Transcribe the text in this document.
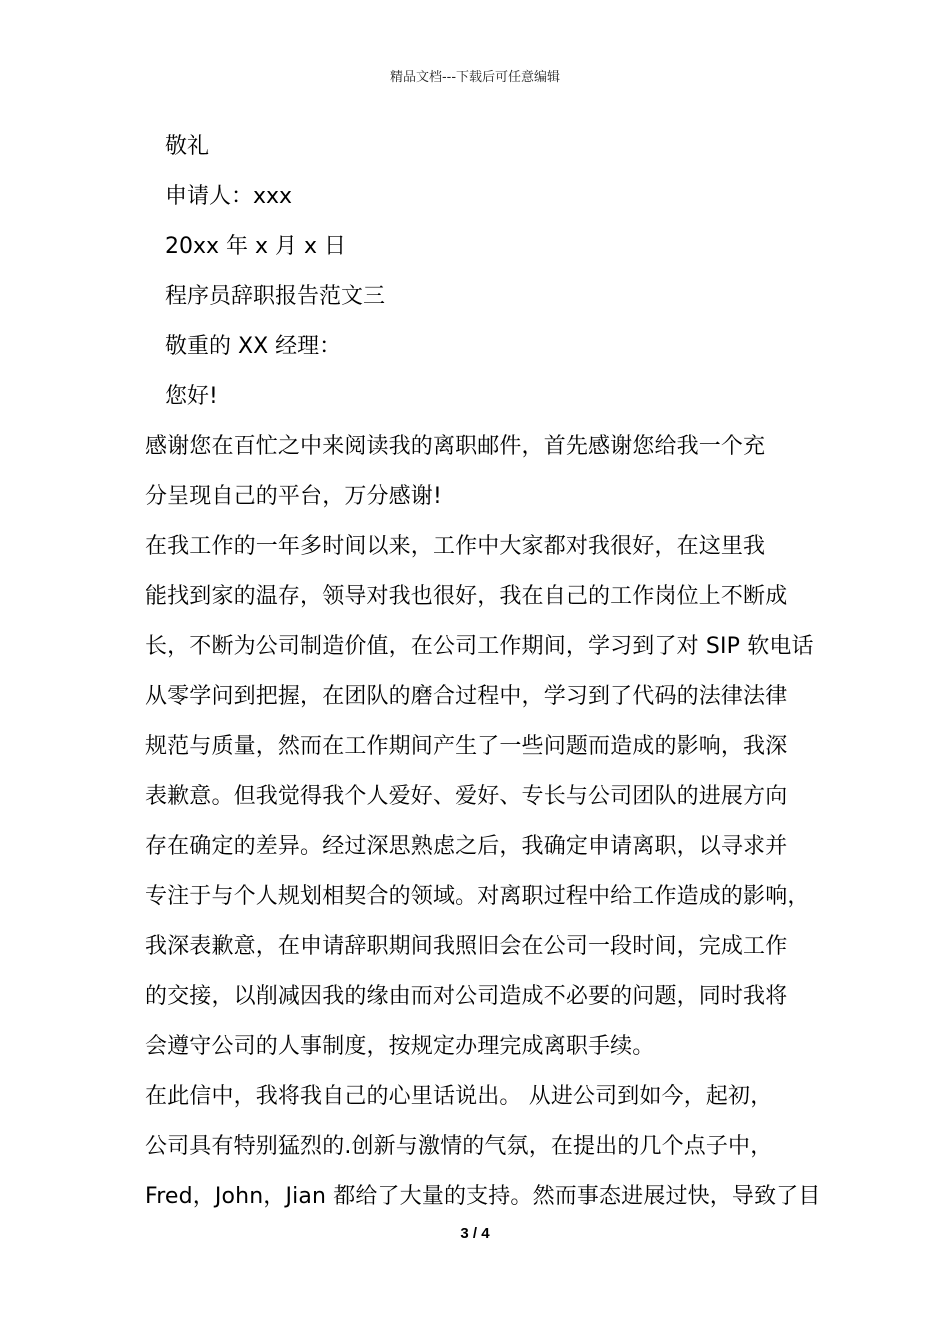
精品文档---下载后可任意编辑
敬礼
申请人：xxx
20xx 年 x 月 x 日
程序员辞职报告范文三
敬重的 XX 经理：
您好!
感谢您在百忙之中来阅读我的离职邮件，首先感谢您给我一个充
分呈现自己的平台，万分感谢!
在我工作的一年多时间以来，工作中大家都对我很好，在这里我
能找到家的温存，领导对我也很好，我在自己的工作岗位上不断成
长，不断为公司制造价值，在公司工作期间，学习到了对 SIP 软电话
从零学问到把握，在团队的磨合过程中，学习到了代码的法律法律
规范与质量，然而在工作期间产生了一些问题而造成的影响，我深
表歉意。但我觉得我个人爱好、爱好、专长与公司团队的进展方向
存在确定的差异。经过深思熟虑之后，我确定申请离职，以寻求并
专注于与个人规划相契合的领域。对离职过程中给工作造成的影响，
我深表歉意，在申请辞职期间我照旧会在公司一段时间，完成工作
的交接，以削减因我的缘由而对公司造成不必要的问题，同时我将
会遵守公司的人事制度，按规定办理完成离职手续。
在此信中，我将我自己的心里话说出。 从进公司到如今，起初，
公司具有特别猛烈的.创新与激情的气氛，在提出的几个点子中，
Fred，John，Jian 都给了大量的支持。然而事态进展过快，导致了目
3 / 4
